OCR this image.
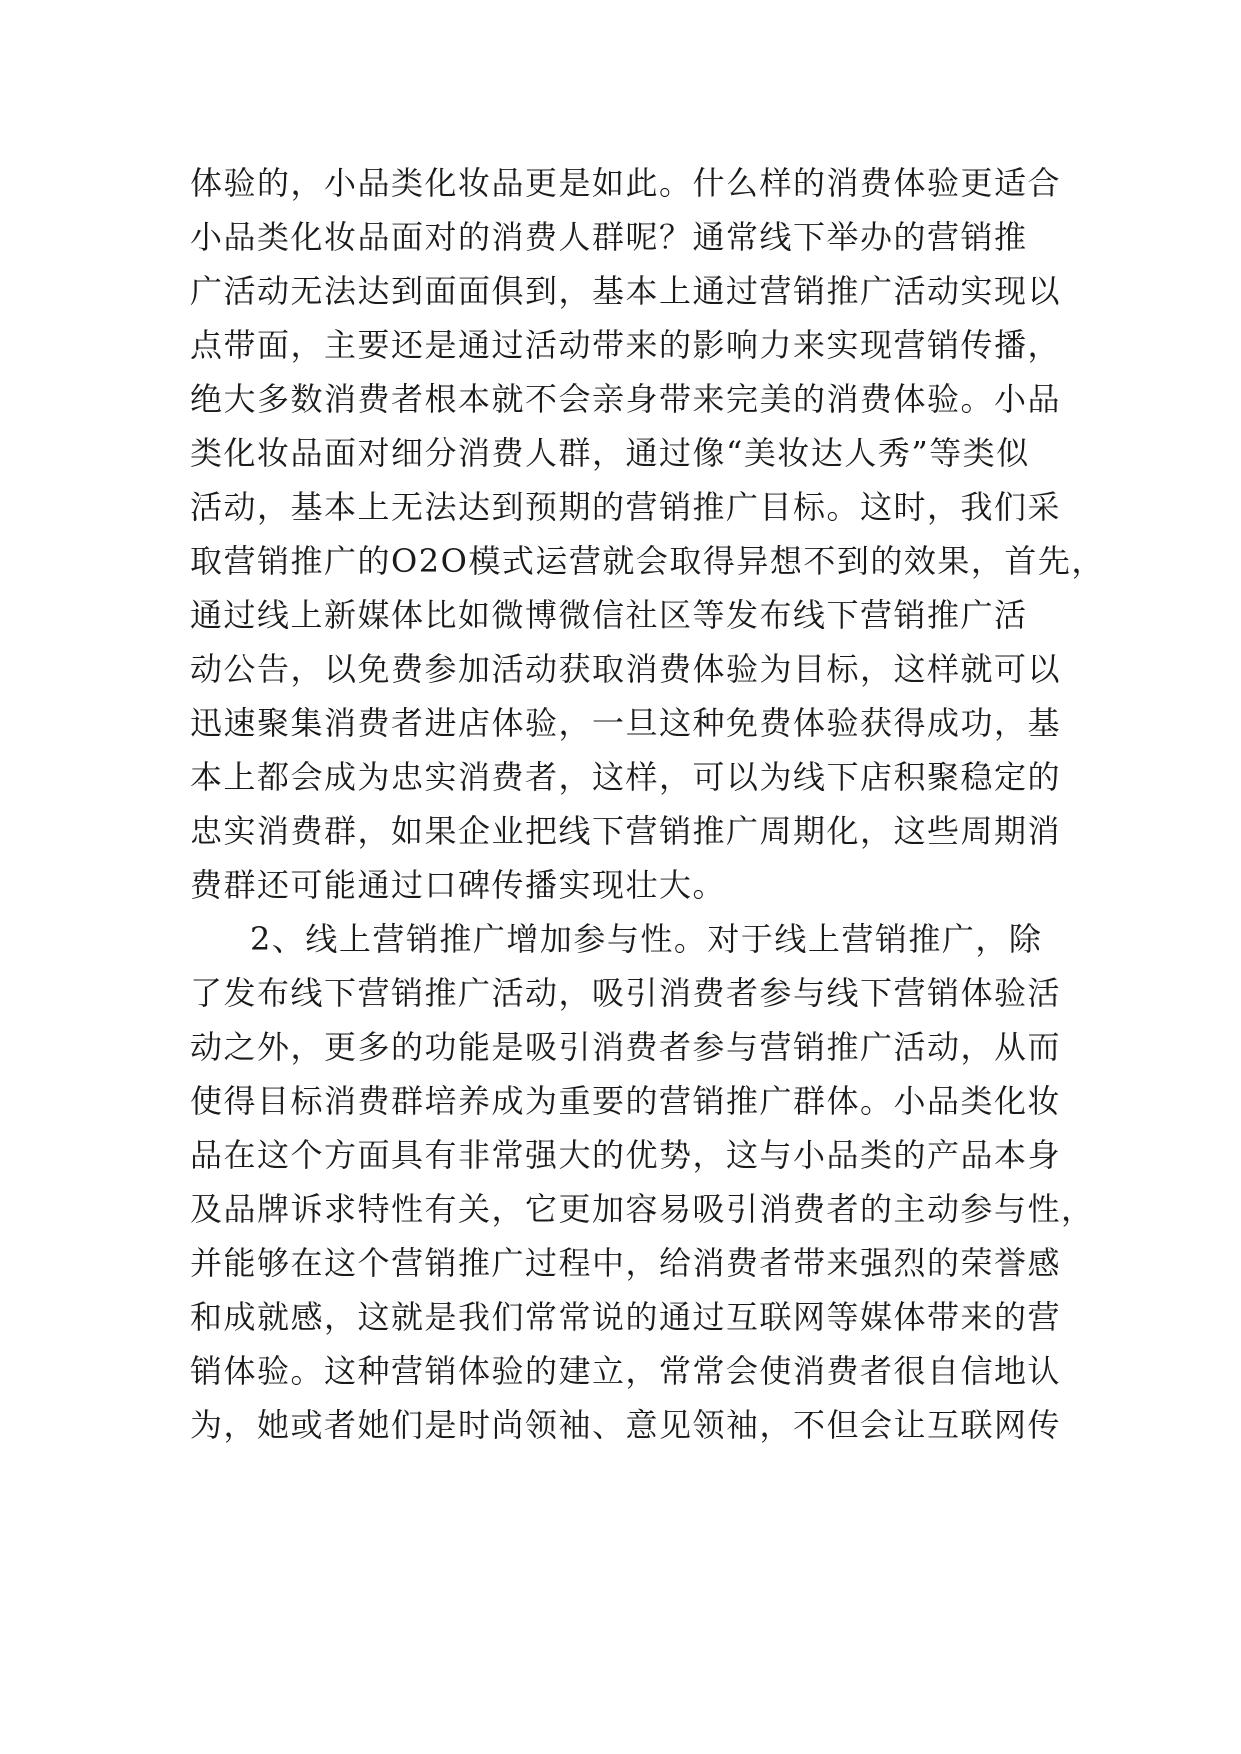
体验的，小品类化妆品更是如此。什么样的消费体验更适合
小品类化妆品面对的消费人群呢？通常线下举办的营销推
广活动无法达到面面俱到，基本上通过营销推广活动实现以
点带面，主要还是通过活动带来的影响力来实现营销传播，
绝大多数消费者根本就不会亲身带来完美的消费体验。小品
类化妆品面对细分消费人群，通过像“美妆达人秀”等类似
活动，基本上无法达到预期的营销推广目标。这时，我们采
取营销推广的O2O模式运营就会取得异想不到的效果，首先，
通过线上新媒体比如微博微信社区等发布线下营销推广活
动公告，以免费参加活动获取消费体验为目标，这样就可以
迅速聚集消费者进店体验，一旦这种免费体验获得成功，基
本上都会成为忠实消费者，这样，可以为线下店积聚稳定的
忠实消费群，如果企业把线下营销推广周期化，这些周期消
费群还可能通过口碑传播实现壮大。
2、线上营销推广增加参与性。对于线上营销推广，除
了发布线下营销推广活动，吸引消费者参与线下营销体验活
动之外，更多的功能是吸引消费者参与营销推广活动，从而
使得目标消费群培养成为重要的营销推广群体。小品类化妆
品在这个方面具有非常强大的优势，这与小品类的产品本身
及品牌诉求特性有关，它更加容易吸引消费者的主动参与性，
并能够在这个营销推广过程中，给消费者带来强烈的荣誉感
和成就感，这就是我们常常说的通过互联网等媒体带来的营
销体验。这种营销体验的建立，常常会使消费者很自信地认
为，她或者她们是时尚领袖、意见领袖，不但会让互联网传
